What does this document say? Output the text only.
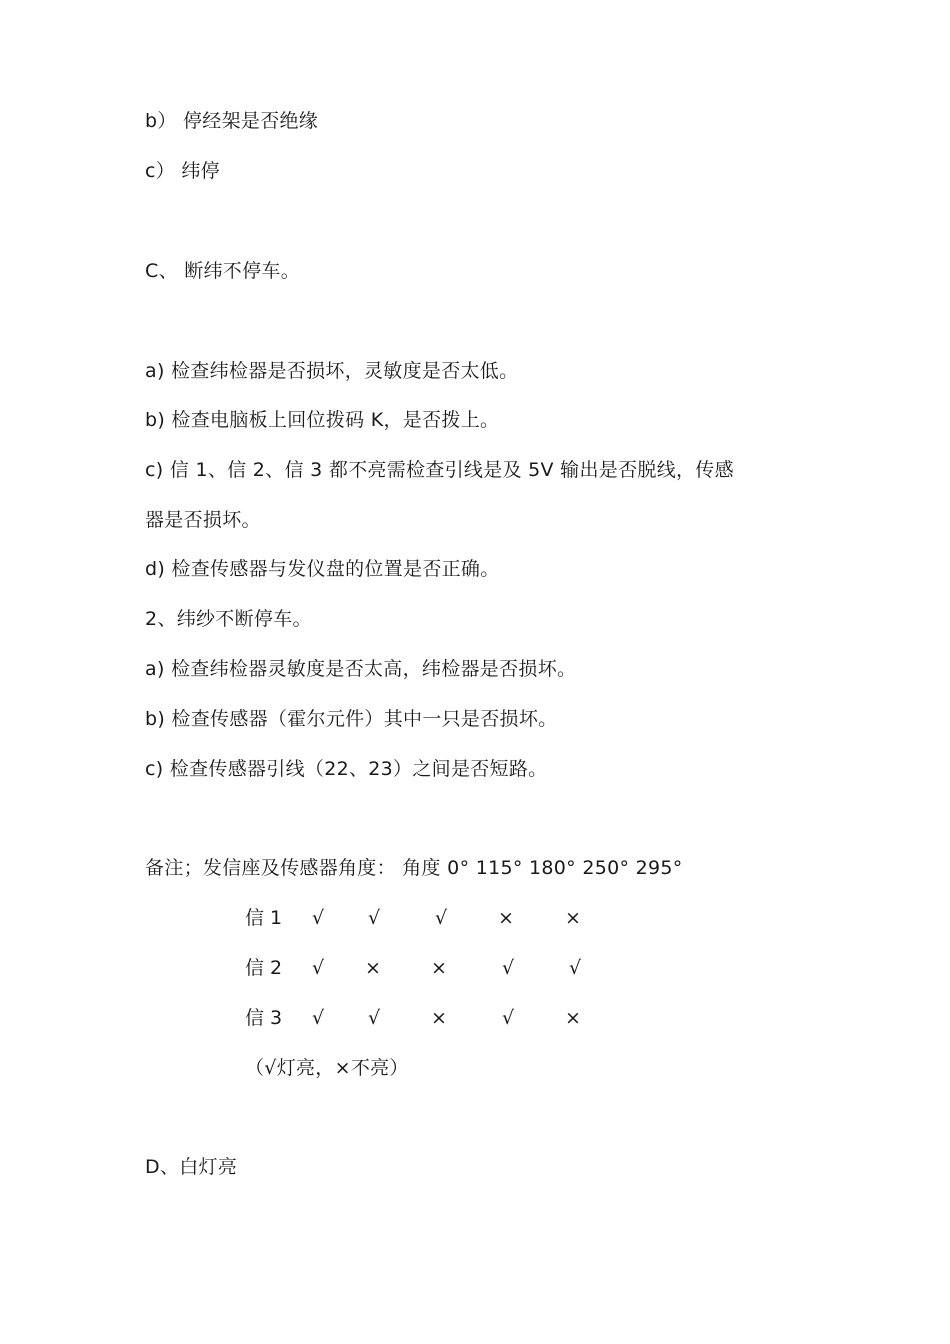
b） 停经架是否绝缘
c） 纬停
C、 断纬不停车。
a) 检查纬检器是否损坏，灵敏度是否太低。
b) 检查电脑板上回位拨码 K，是否拨上。
c) 信 1、信 2、信 3 都不亮需检查引线是及 5V 输出是否脱线，传感
器是否损坏。
d) 检查传感器与发仪盘的位置是否正确。
2、纬纱不断停车。
a) 检查纬检器灵敏度是否太高，纬检器是否损坏。
b) 检查传感器（霍尔元件）其中一只是否损坏。
c) 检查传感器引线（22、23）之间是否短路。
备注；发信座及传感器角度： 角度 0° 115° 180° 250° 295°
信 1 √ √	√	×	×
信 2 √ ×	×	√	√
信 3 √ √	×	√	×
（√灯亮，×不亮）
D、白灯亮
